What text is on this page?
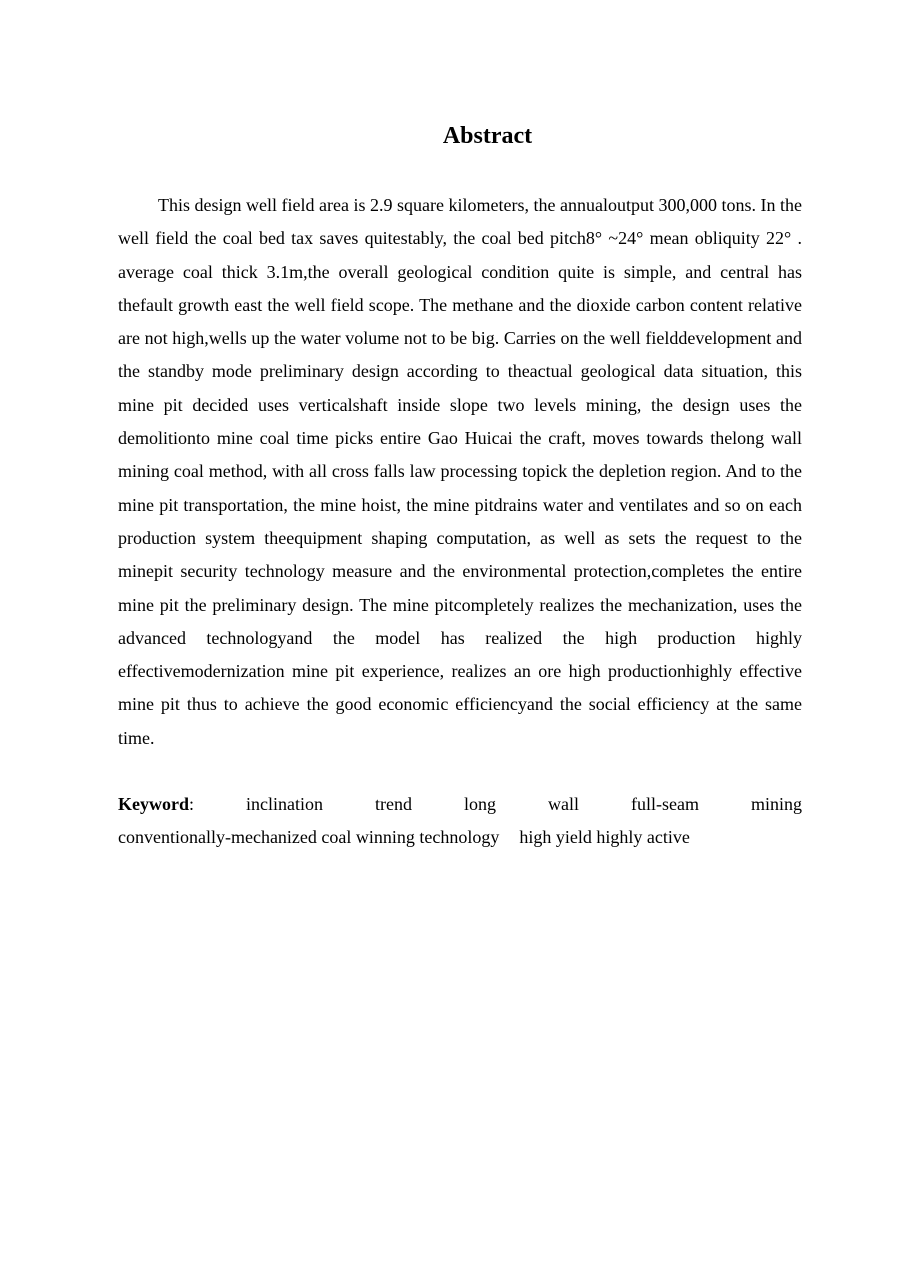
Abstract

This design well field area is 2.9 square kilometers, the annualoutput 300,000 tons. In the well field the coal bed tax saves quitestably, the coal bed pitch8° ~24° mean obliquity 22° . average coal thick 3.1m,the overall geological condition quite is simple, and central has thefault growth east the well field scope. The methane and the dioxide carbon content relative are not high,wells up the water volume not to be big. Carries on the well fielddevelopment and the standby mode preliminary design according to theactual geological data situation, this mine pit decided uses verticalshaft inside slope two levels mining, the design uses the demolitionto mine coal time picks entire Gao Huicai the craft, moves towards thelong wall mining coal method, with all cross falls law processing topick the depletion region. And to the mine pit transportation, the mine hoist, the mine pitdrains water and ventilates and so on each production system theequipment shaping computation, as well as sets the request to the minepit security technology measure and the environmental protection,completes the entire mine pit the preliminary design. The mine pitcompletely realizes the mechanization, uses the advanced technologyand the model has realized the high production highly effectivemodernization mine pit experience, realizes an ore high productionhighly effective mine pit thus to achieve the good economic efficiencyand the social efficiency at the same time.

Keyword:	inclination	trend	long	wall	full-seam	mining
conventionally-mechanized coal winning technology high yield highly active
